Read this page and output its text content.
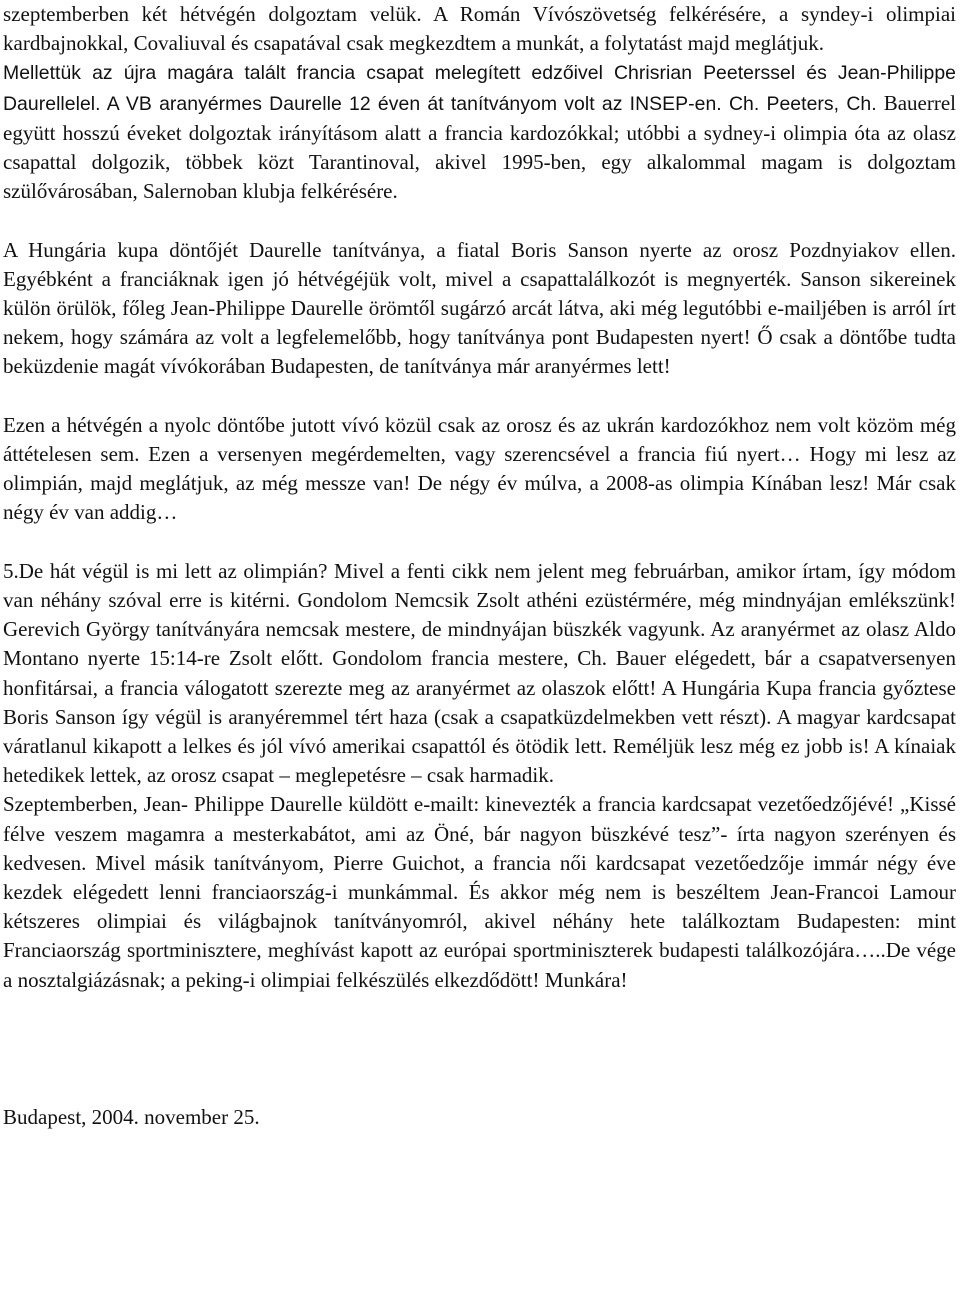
szeptemberben két hétvégén dolgoztam velük. A Román Vívószövetség felkérésére, a syndey-i olimpiai kardbajnokkal, Covaliuval és csapatával csak megkezdtem a munkát, a folytatást majd meglátjuk.

Mellettük az újra magára talált francia csapat melegített edzőivel Chrisrian Peeterssel és Jean-Philippe Daurellelel. A VB aranyérmes Daurelle 12 éven át tanítványom volt az INSEP-en. Ch. Peeters, Ch. Bauerrel együtt hosszú éveket dolgoztak irányításom alatt a francia kardozókkal; utóbbi a sydney-i olimpia óta az olasz csapattal dolgozik, többek közt Tarantinoval, akivel 1995-ben, egy alkalommal magam is dolgoztam szülővárosában, Salernoban klubja felkérésére.

A Hungária kupa döntőjét Daurelle tanítványa, a fiatal Boris Sanson nyerte az orosz Pozdnyiakov ellen. Egyébként a franciáknak igen jó hétvégéjük volt, mivel a csapattalálkozót is megnyerték. Sanson sikereinek külön örülök, főleg Jean-Philippe Daurelle örömtől sugárzó arcát látva, aki még legutóbbi e-mailjében is arról írt nekem, hogy számára az volt a legfelemelőbb, hogy tanítványa pont Budapesten nyert! Ő csak a döntőbe tudta beküzdenie magát vívókorában Budapesten, de tanítványa már aranyérmes lett!

Ezen a hétvégén a nyolc döntőbe jutott vívó közül csak az orosz és az ukrán kardozókhoz nem volt közöm még áttételesen sem. Ezen a versenyen megérdemelten, vagy szerencsével a francia fiú nyert… Hogy mi lesz az olimpián, majd meglátjuk, az még messze van! De négy év múlva, a 2008-as olimpia Kínában lesz! Már csak négy év van addig…

5.De hát végül is mi lett az olimpián? Mivel a fenti cikk nem jelent meg februárban, amikor írtam, így módom van néhány szóval erre is kitérni. Gondolom Nemcsik Zsolt athéni ezüstérmére, még mindnyájan emlékszünk! Gerevich György tanítványára nemcsak mestere, de mindnyájan büszkék vagyunk. Az aranyérmet az olasz Aldo Montano nyerte 15:14-re Zsolt előtt. Gondolom francia mestere, Ch. Bauer elégedett, bár a csapatversenyen honfitársai, a francia válogatott szerezte meg az aranyérmet az olaszok előtt! A Hungária Kupa francia győztese Boris Sanson így végül is aranyéremmel tért haza (csak a csapatküzdelmekben vett részt). A magyar kardcsapat váratlanul kikapott a lelkes és jól vívó amerikai csapattól és ötödik lett. Reméljük lesz még ez jobb is! A kínaiak hetedikek lettek, az orosz csapat – meglepetésre – csak harmadik.

Szeptemberben, Jean- Philippe Daurelle küldött e-mailt: kinevezték a francia kardcsapat vezetőedzőjévé! „Kissé félve veszem magamra a mesterkabátot, ami az Öné, bár nagyon büszkévé tesz”- írta nagyon szerényen és kedvesen. Mivel másik tanítványom, Pierre Guichot, a francia női kardcsapat vezetőedzője immár négy éve kezdek elégedett lenni franciaország-i munkámmal. És akkor még nem is beszéltem Jean-Francoi Lamour kétszeres olimpiai és világbajnok tanítványomról, akivel néhány hete találkoztam Budapesten: mint Franciaország sportminisztere, meghívást kapott az európai sportminiszterek budapesti találkozójára…..De vége a nosztalgiázásnak; a peking-i olimpiai felkészülés elkezdődött! Munkára!

Budapest, 2004. november 25.
